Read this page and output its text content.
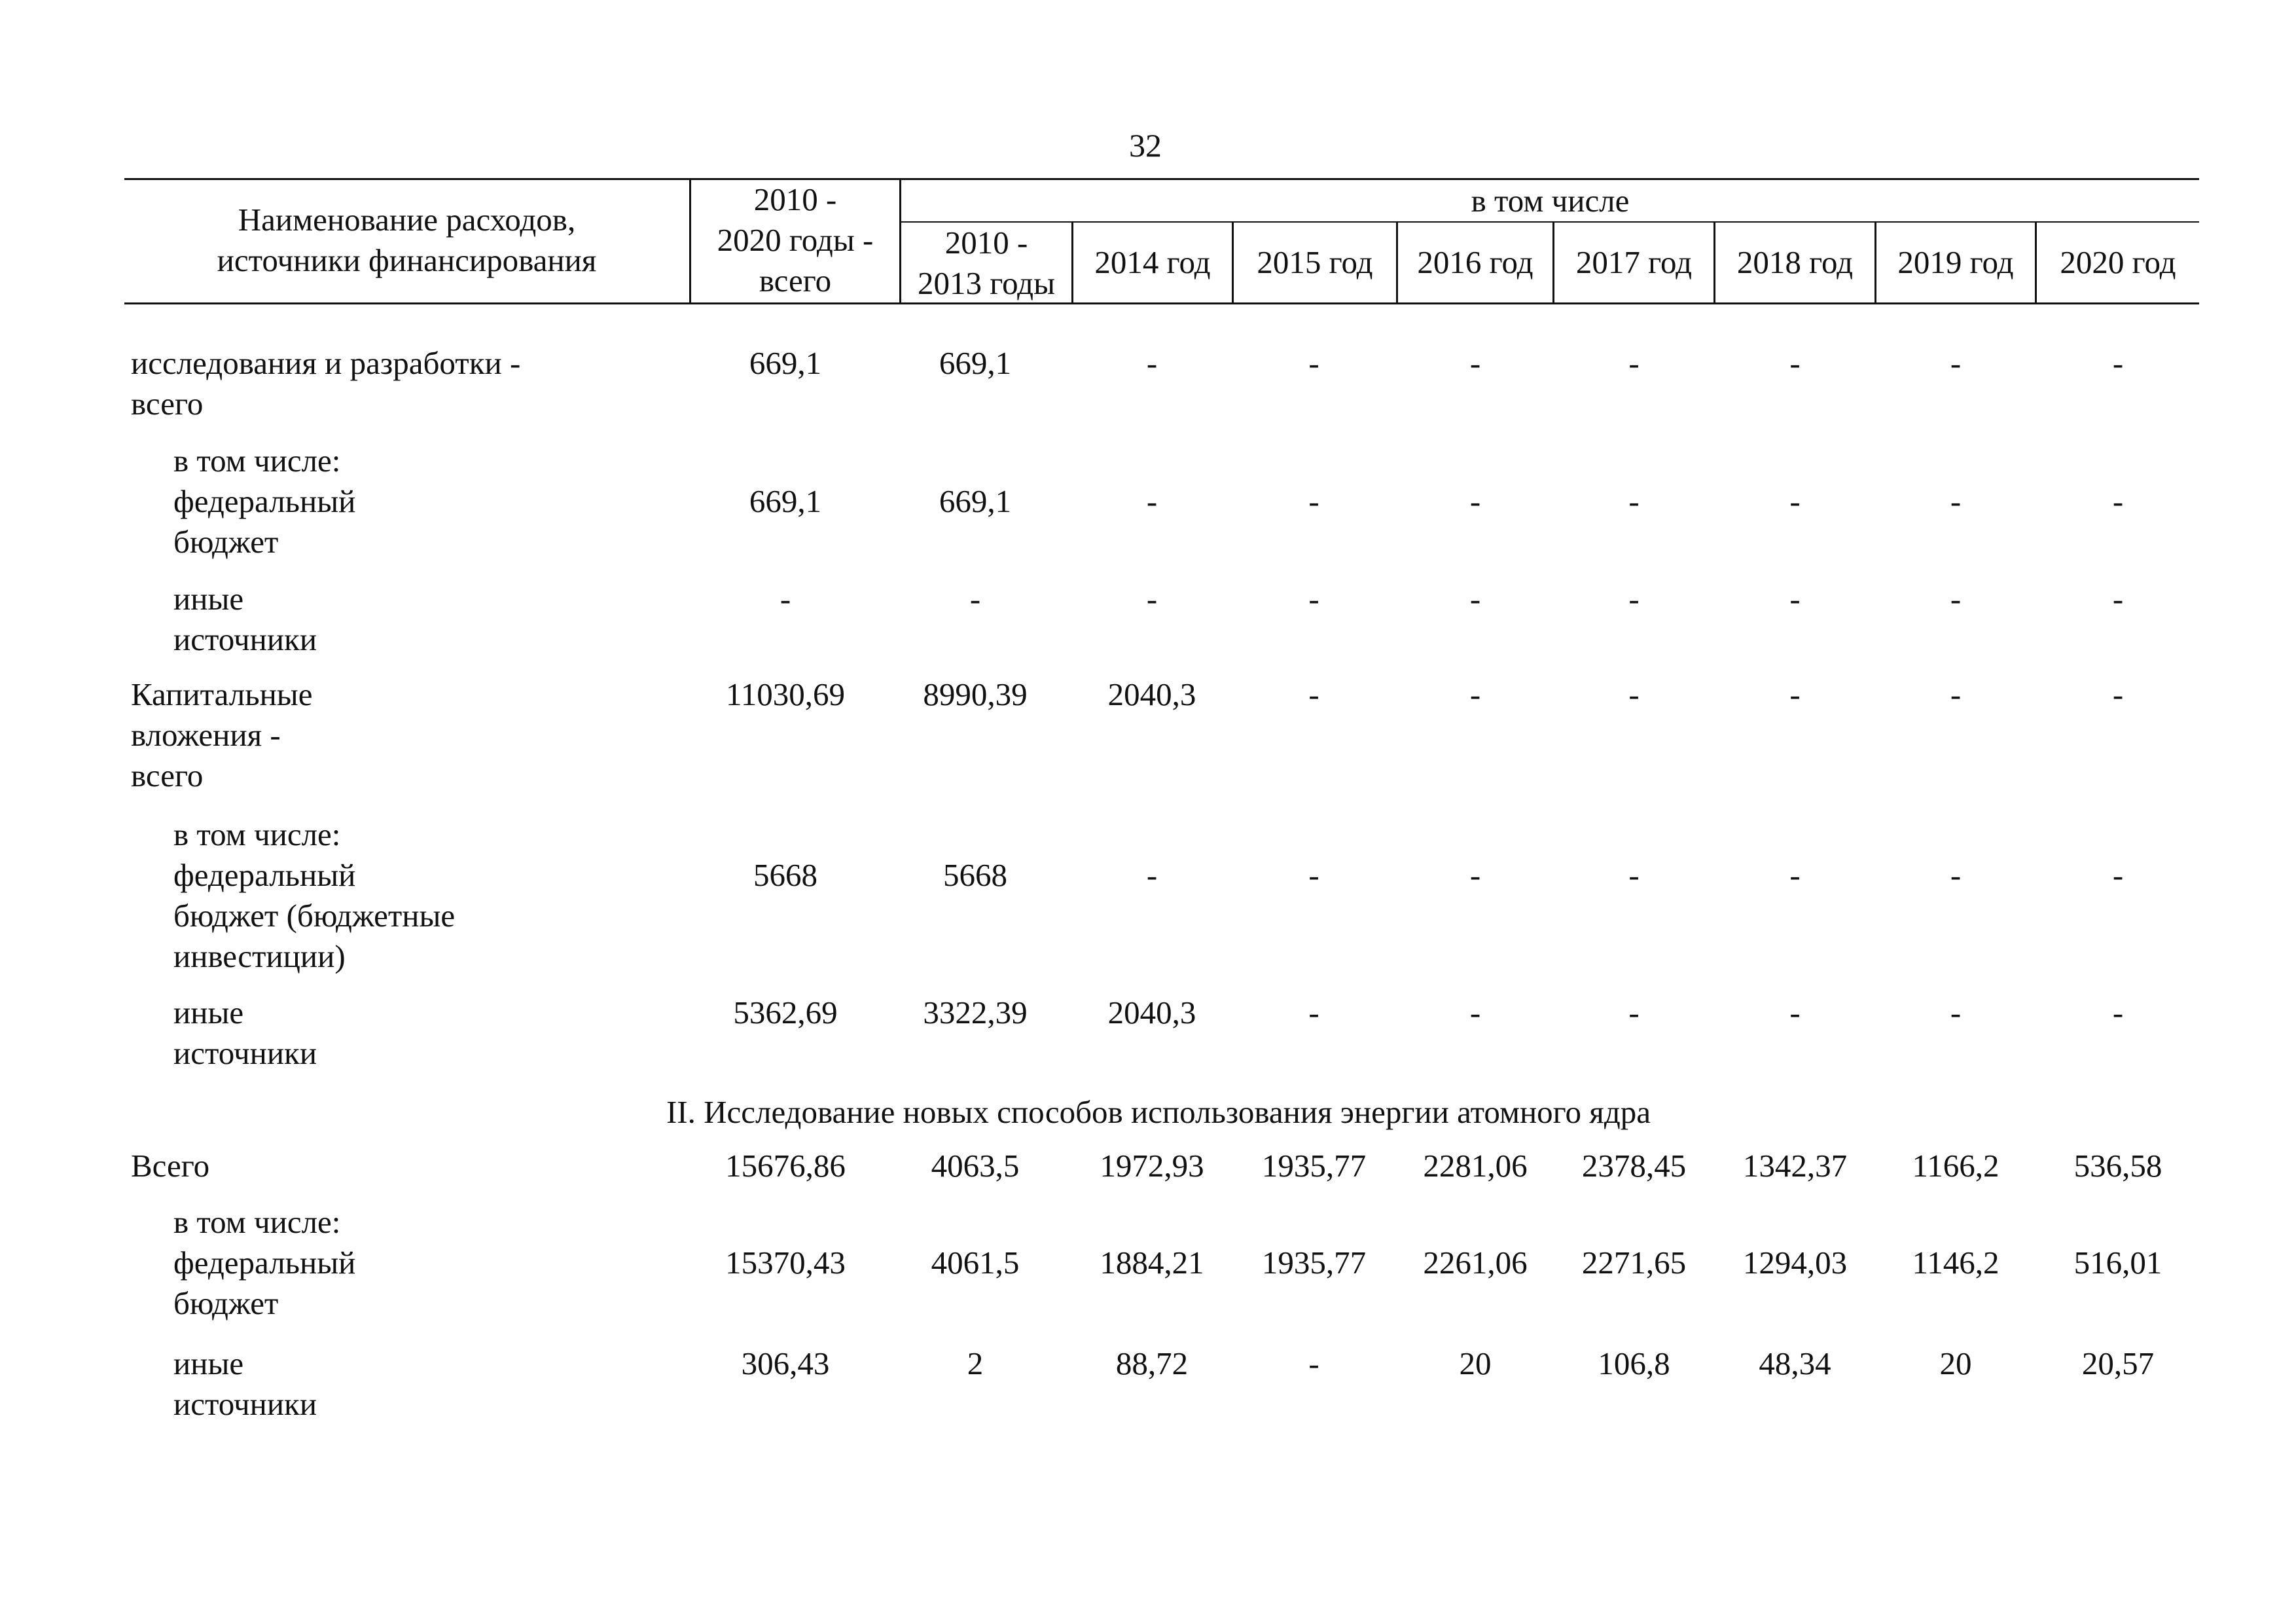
32
Наименование расходов,
источники финансирования
2010 -
2020 годы -
всего
в том числе
2010 -
2013 годы
2014 год	2015 год	2016 год	2017 год	2018 год	2019 год	2020 год
исследования и разработки -
всего
669,1	669,1	-	-	-	-	-	-	-
в том числе:
федеральный
бюджет
669,1	669,1	-	-	-	-	-	-	-
иные
источники
-	-	-	-	-	-	-	-	-
Капитальные
вложения -
всего
11030,69	8990,39	2040,3	-	-	-	-	-	-
в том числе:
федеральный
бюджет (бюджетные
инвестиции)
5668	5668	-	-	-	-	-	-	-
иные
источники
5362,69	3322,39	2040,3	-	-	-	-	-	-
II. Исследование новых способов использования энергии атомного ядра
Всего	15676,86	4063,5	1972,93	1935,77	2281,06	2378,45	1342,37	1166,2	536,58
в том числе:
федеральный
бюджет
15370,43	4061,5	1884,21	1935,77	2261,06	2271,65	1294,03	1146,2	516,01
иные
источники
306,43	2	88,72	-	20	106,8	48,34	20	20,57
